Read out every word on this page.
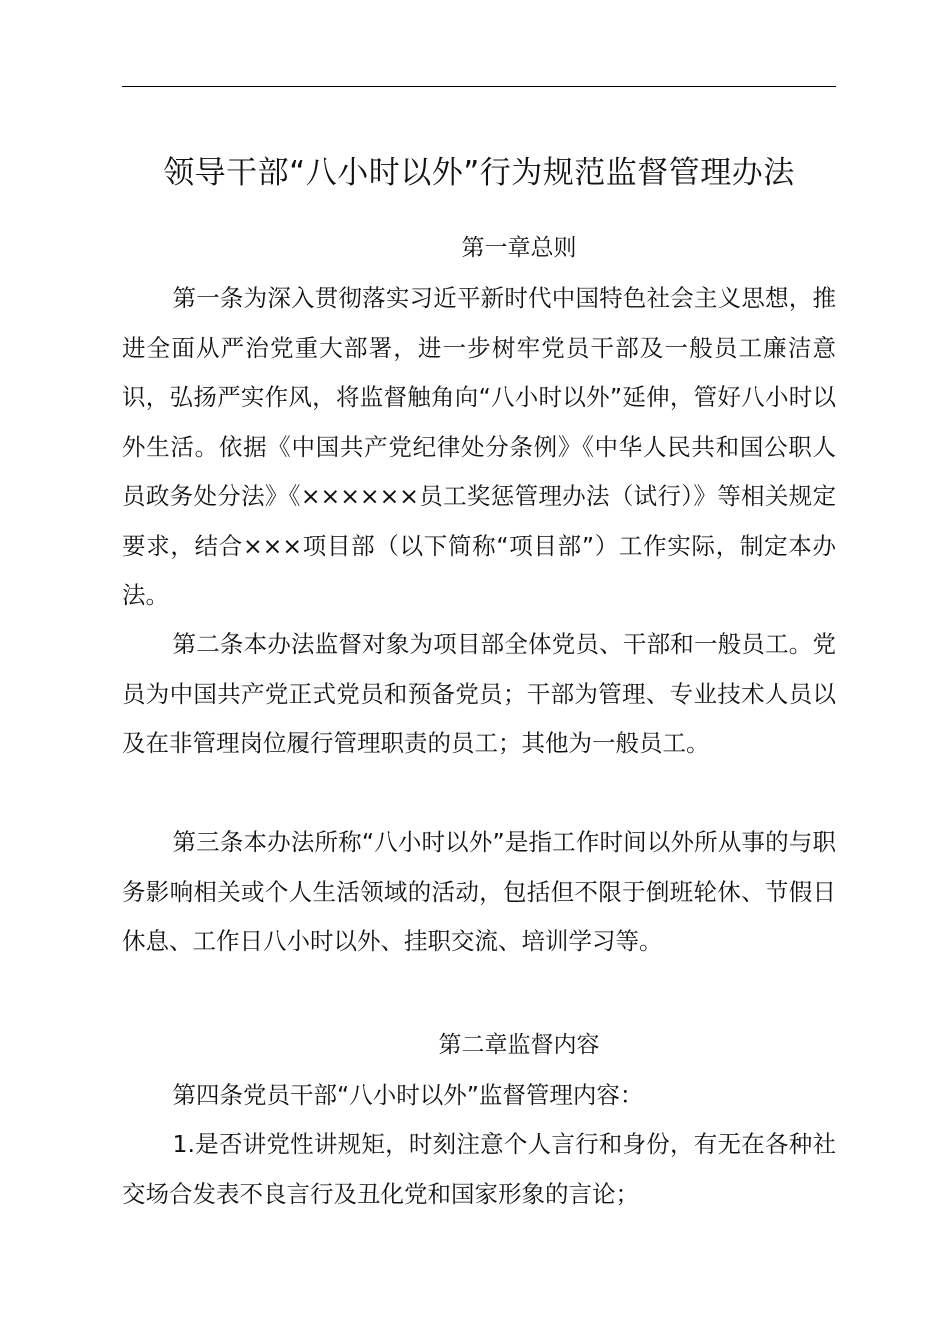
领导干部“八小时以外”行为规范监督管理办法
第一章总则

第一条为深入贯彻落实习近平新时代中国特色社会主义思想，推进全面从严治党重大部署，进一步树牢党员干部及一般员工廉洁意识，弘扬严实作风，将监督触角向“八小时以外”延伸，管好八小时以外生活。依据《中国共产党纪律处分条例》《中华人民共和国公职人员政务处分法》《××××××员工奖惩管理办法（试行）》等相关规定要求，结合×××项目部（以下简称“项目部”）工作实际，制定本办法。

第二条本办法监督对象为项目部全体党员、干部和一般员工。党员为中国共产党正式党员和预备党员；干部为管理、专业技术人员以及在非管理岗位履行管理职责的员工；其他为一般员工。

第三条本办法所称“八小时以外”是指工作时间以外所从事的与职务影响相关或个人生活领域的活动，包括但不限于倒班轮休、节假日休息、工作日八小时以外、挂职交流、培训学习等。

第二章监督内容

第四条党员干部“八小时以外”监督管理内容：

1.是否讲党性讲规矩，时刻注意个人言行和身份，有无在各种社交场合发表不良言行及丑化党和国家形象的言论；
